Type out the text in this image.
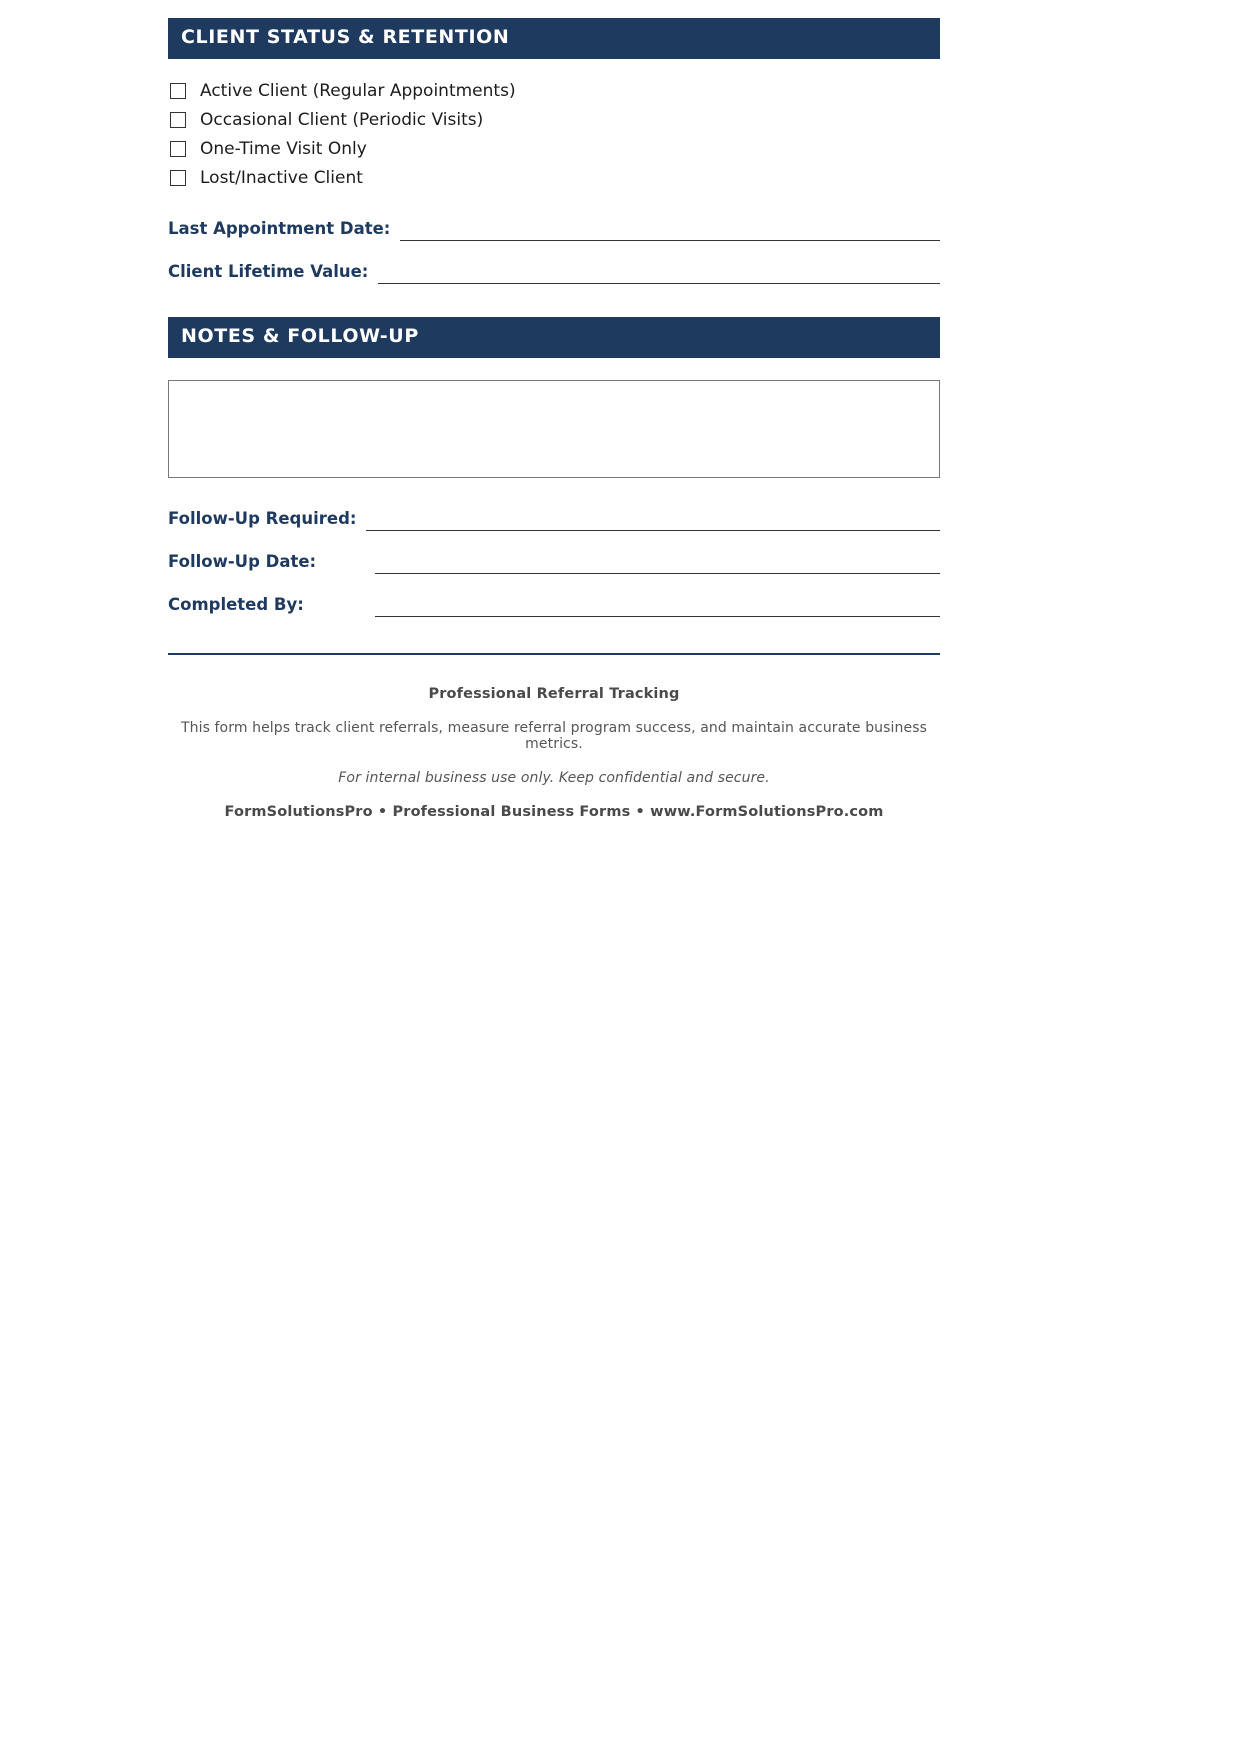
CLIENT STATUS & RETENTION
Active Client (Regular Appointments)
Occasional Client (Periodic Visits)
One-Time Visit Only
Lost/Inactive Client
Last Appointment Date:
Client Lifetime Value:
NOTES & FOLLOW-UP
Follow-Up Required:
Follow-Up Date:
Completed By:
Professional Referral Tracking
This form helps track client referrals, measure referral program success, and maintain accurate business metrics.
For internal business use only. Keep confidential and secure.
FormSolutionsPro • Professional Business Forms • www.FormSolutionsPro.com
